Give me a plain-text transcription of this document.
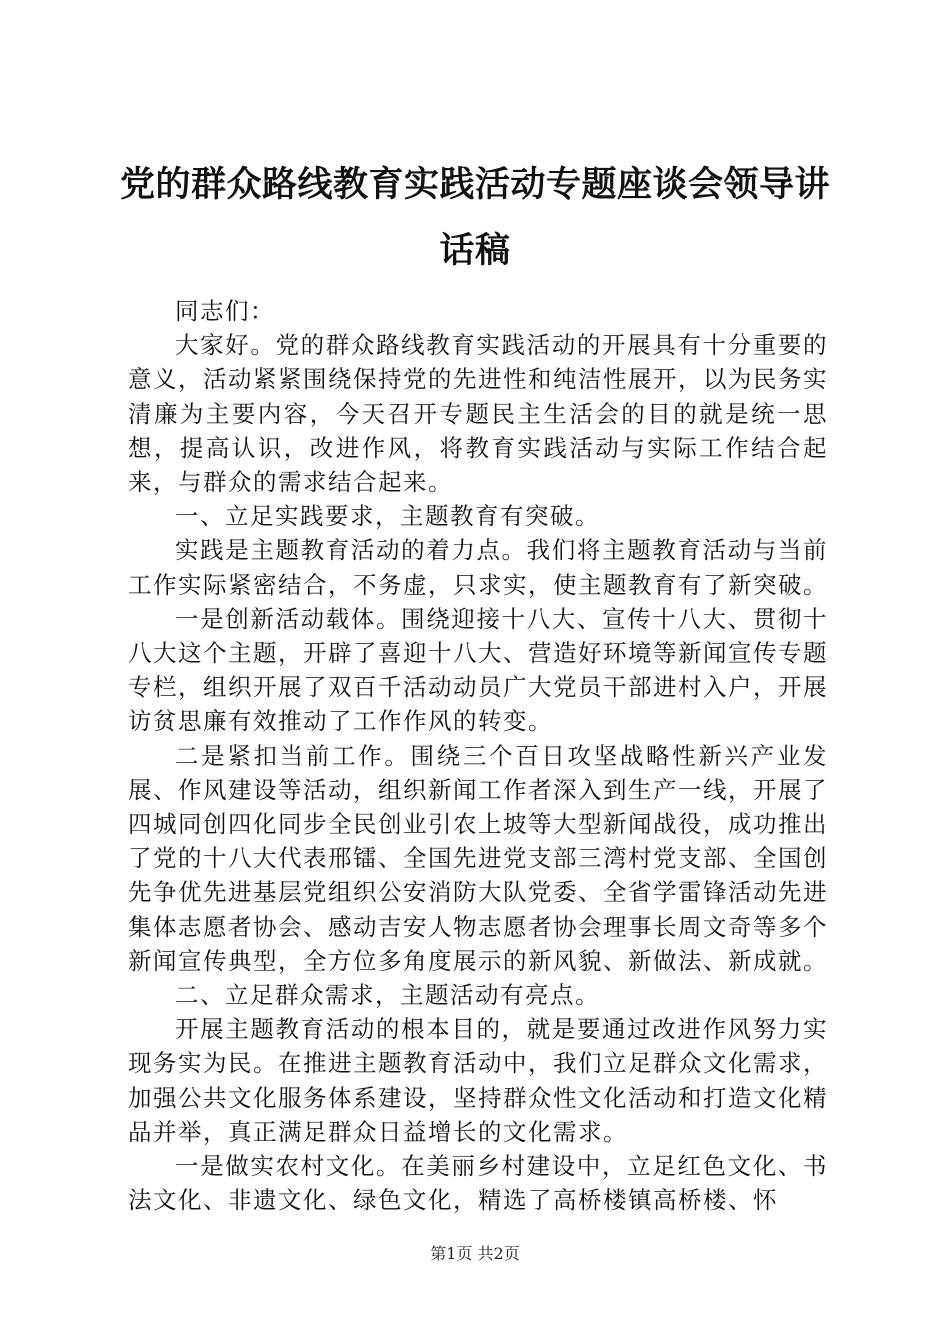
党的群众路线教育实践活动专题座谈会领导讲话稿

同志们：

大家好。党的群众路线教育实践活动的开展具有十分重要的意义，活动紧紧围绕保持党的先进性和纯洁性展开，以为民务实清廉为主要内容，今天召开专题民主生活会的目的就是统一思想，提高认识，改进作风，将教育实践活动与实际工作结合起来，与群众的需求结合起来。

一、立足实践要求，主题教育有突破。

实践是主题教育活动的着力点。我们将主题教育活动与当前工作实际紧密结合，不务虚，只求实，使主题教育有了新突破。

一是创新活动载体。围绕迎接十八大、宣传十八大、贯彻十八大这个主题，开辟了喜迎十八大、营造好环境等新闻宣传专题专栏，组织开展了双百千活动动员广大党员干部进村入户，开展访贫思廉有效推动了工作作风的转变。

二是紧扣当前工作。围绕三个百日攻坚战略性新兴产业发展、作风建设等活动，组织新闻工作者深入到生产一线，开展了四城同创四化同步全民创业引农上坡等大型新闻战役，成功推出了党的十八大代表邢镭、全国先进党支部三湾村党支部、全国创先争优先进基层党组织公安消防大队党委、全省学雷锋活动先进集体志愿者协会、感动吉安人物志愿者协会理事长周文奇等多个新闻宣传典型，全方位多角度展示的新风貌、新做法、新成就。

二、立足群众需求，主题活动有亮点。

开展主题教育活动的根本目的，就是要通过改进作风努力实现务实为民。在推进主题教育活动中，我们立足群众文化需求，加强公共文化服务体系建设，坚持群众性文化活动和打造文化精品并举，真正满足群众日益增长的文化需求。

一是做实农村文化。在美丽乡村建设中，立足红色文化、书法文化、非遗文化、绿色文化，精选了高桥楼镇高桥楼、怀

第1页 共2页
